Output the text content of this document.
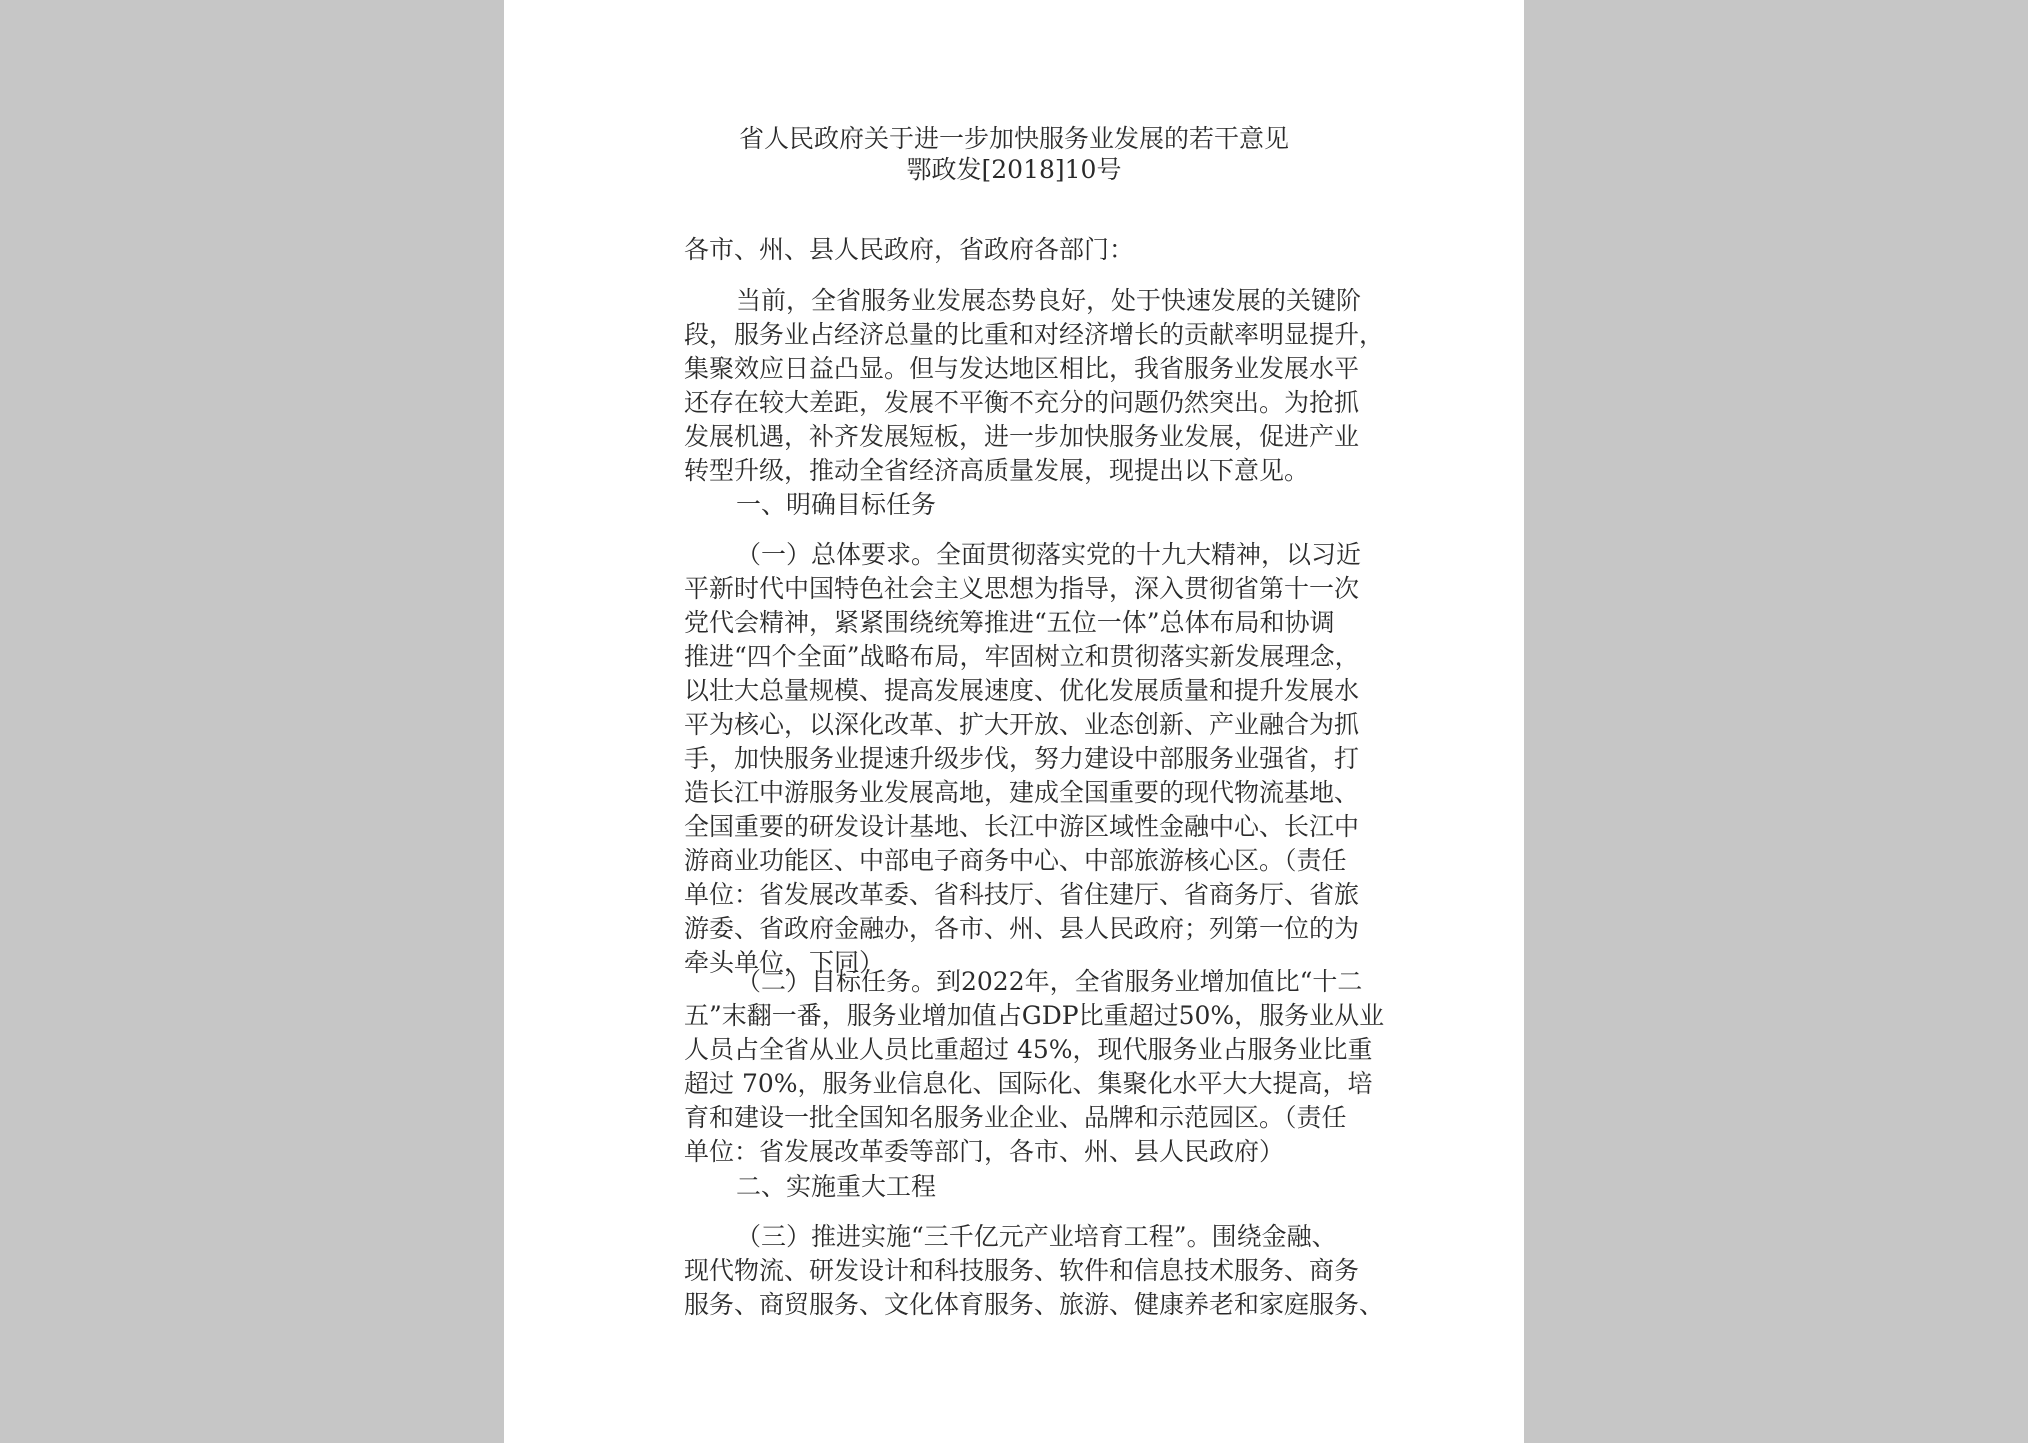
省人民政府关于进一步加快服务业发展的若干意见
鄂政发[2018]10号
各市、州、县人民政府，省政府各部门：
当前，全省服务业发展态势良好，处于快速发展的关键阶
段，服务业占经济总量的比重和对经济增长的贡献率明显提升，
集聚效应日益凸显。但与发达地区相比，我省服务业发展水平
还存在较大差距，发展不平衡不充分的问题仍然突出。为抢抓
发展机遇，补齐发展短板，进一步加快服务业发展，促进产业
转型升级，推动全省经济高质量发展，现提出以下意见。
一、明确目标任务
（一）总体要求。全面贯彻落实党的十九大精神，以习近
平新时代中国特色社会主义思想为指导，深入贯彻省第十一次
党代会精神，紧紧围绕统筹推进“五位一体”总体布局和协调
推进“四个全面”战略布局，牢固树立和贯彻落实新发展理念，
以壮大总量规模、提高发展速度、优化发展质量和提升发展水
平为核心，以深化改革、扩大开放、业态创新、产业融合为抓
手，加快服务业提速升级步伐，努力建设中部服务业强省，打
造长江中游服务业发展高地，建成全国重要的现代物流基地、
全国重要的研发设计基地、长江中游区域性金融中心、长江中
游商业功能区、中部电子商务中心、中部旅游核心区。（责任
单位：省发展改革委、省科技厅、省住建厅、省商务厅、省旅
游委、省政府金融办，各市、州、县人民政府；列第一位的为
牵头单位，下同）
（二）目标任务。到2022年，全省服务业增加值比“十二
五”末翻一番，服务业增加值占GDP比重超过50%，服务业从业
人员占全省从业人员比重超过 45%，现代服务业占服务业比重
超过 70%，服务业信息化、国际化、集聚化水平大大提高，培
育和建设一批全国知名服务业企业、品牌和示范园区。（责任
单位：省发展改革委等部门，各市、州、县人民政府）
二、实施重大工程
（三）推进实施“三千亿元产业培育工程”。围绕金融、
现代物流、研发设计和科技服务、软件和信息技术服务、商务
服务、商贸服务、文化体育服务、旅游、健康养老和家庭服务、
